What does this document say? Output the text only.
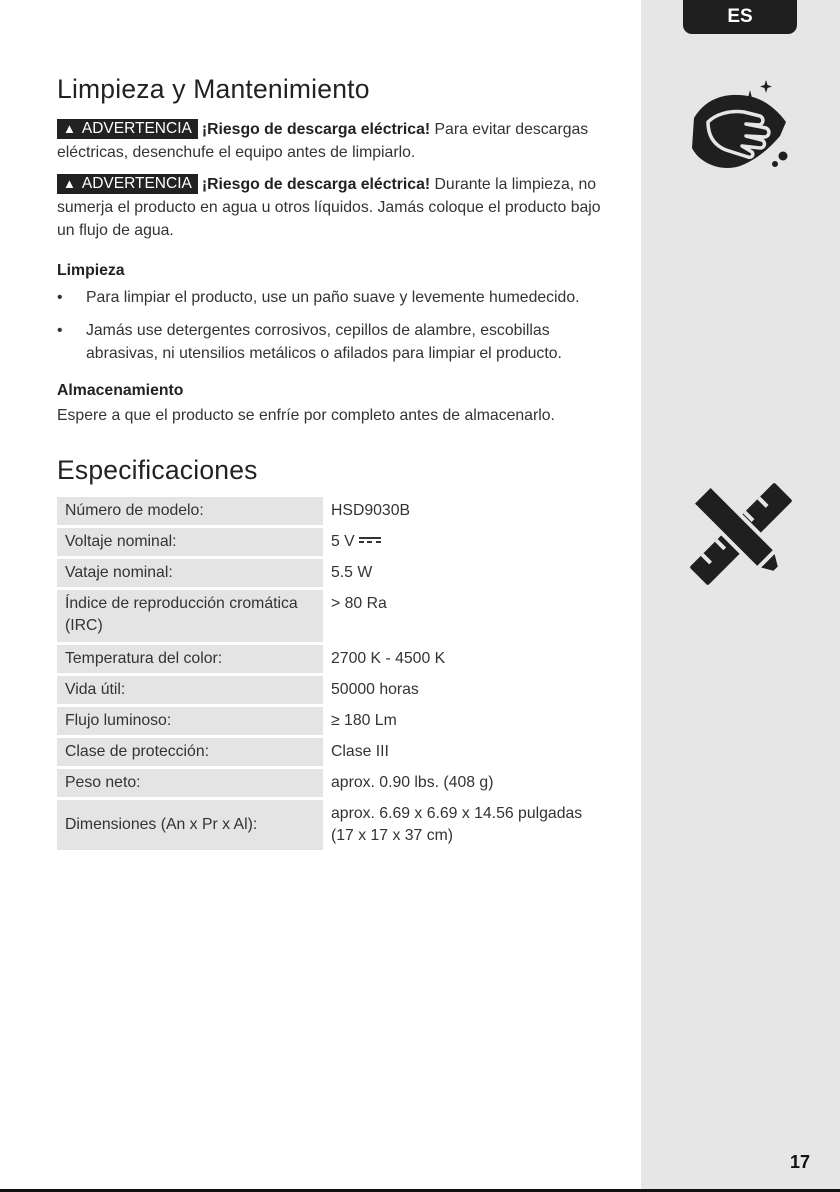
ES
Limpieza y Mantenimiento

▲ ADVERTENCIA ¡Riesgo de descarga eléctrica! Para evitar descargas eléctricas, desenchufe el equipo antes de limpiarlo.

▲ ADVERTENCIA ¡Riesgo de descarga eléctrica! Durante la limpieza, no sumerja el producto en agua u otros líquidos. Jamás coloque el producto bajo un flujo de agua.

Limpieza
• Para limpiar el producto, use un paño suave y levemente humedecido.
• Jamás use detergentes corrosivos, cepillos de alambre, escobillas abrasivas, ni utensilios metálicos o afilados para limpiar el producto.
Almacenamiento

Espere a que el producto se enfríe por completo antes de almacenarlo.

Especificaciones
Número de modelo:	HSD9030B
Voltaje nominal:	5 V

Vataje nominal:	5.5 W
Índice de reproducción cromática (IRC)	> 80 Ra
Temperatura del color:	2700 K - 4500 K
Vida útil:	50000 horas
Flujo luminoso:	≥ 180 Lm
Clase de protección:	Clase III
Peso neto:	aprox. 0.90 lbs. (408 g)
Dimensiones (An x Pr x Al):	aprox. 6.69 x 6.69 x 14.56 pulgadas (17 x 17 x 37 cm)
17
